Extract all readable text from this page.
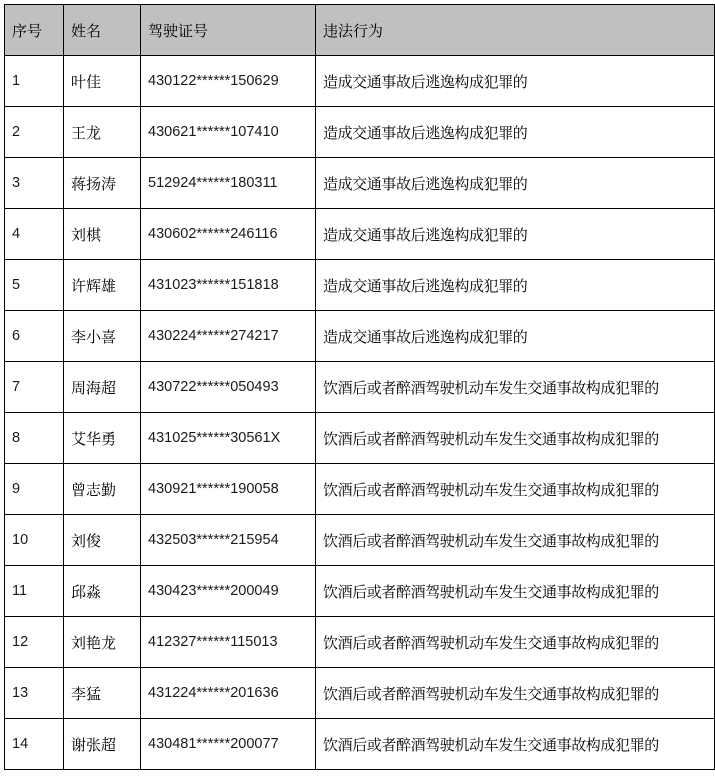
序号	姓名	驾驶证号	违法行为
1	叶佳	430122******150629	造成交通事故后逃逸构成犯罪的
2	王龙	430621******107410	造成交通事故后逃逸构成犯罪的
3	蒋扬涛	512924******180311	造成交通事故后逃逸构成犯罪的
4	刘棋	430602******246116	造成交通事故后逃逸构成犯罪的
5	许辉雄	431023******151818	造成交通事故后逃逸构成犯罪的
6	李小喜	430224******274217	造成交通事故后逃逸构成犯罪的
7	周海超	430722******050493	饮酒后或者醉酒驾驶机动车发生交通事故构成犯罪的
8	艾华勇	431025******30561X	饮酒后或者醉酒驾驶机动车发生交通事故构成犯罪的
9	曾志勤	430921******190058	饮酒后或者醉酒驾驶机动车发生交通事故构成犯罪的
10	刘俊	432503******215954	饮酒后或者醉酒驾驶机动车发生交通事故构成犯罪的
11	邱淼	430423******200049	饮酒后或者醉酒驾驶机动车发生交通事故构成犯罪的
12	刘艳龙	412327******115013	饮酒后或者醉酒驾驶机动车发生交通事故构成犯罪的
13	李猛	431224******201636	饮酒后或者醉酒驾驶机动车发生交通事故构成犯罪的
14	谢张超	430481******200077	饮酒后或者醉酒驾驶机动车发生交通事故构成犯罪的
